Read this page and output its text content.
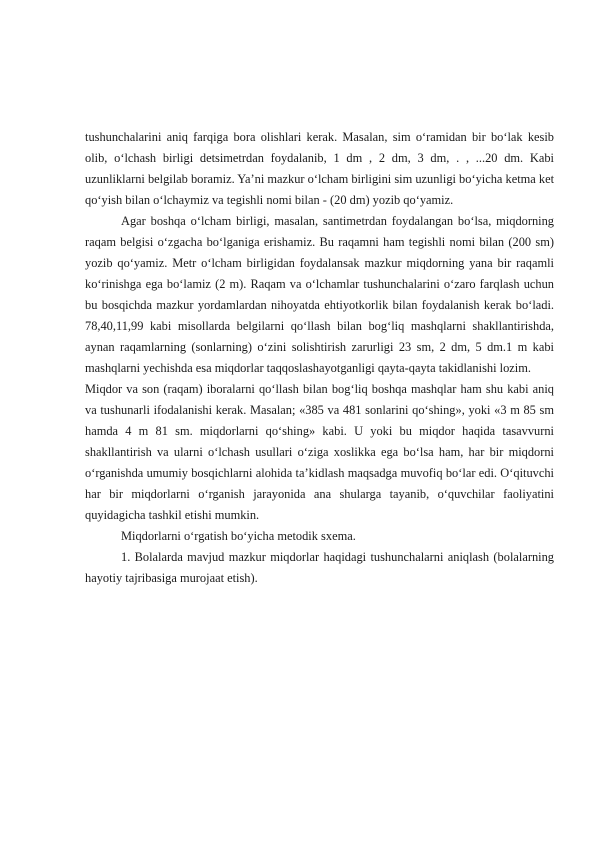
tushunchalarini aniq farqiga bora olishlari kerak. Masalan, sim o‘ramidan bir bo‘lak kesib olib, o‘lchash birligi detsimetrdan foydalanib, 1 dm , 2 dm, 3 dm, . , ...20 dm. Kabi uzunliklarni belgilab boramiz. Ya’ni mazkur o‘lcham birligini sim uzunligi bo‘yicha ketma ket qo‘yish bilan o‘lchaymiz va tegishli nomi bilan - (20 dm) yozib qo‘yamiz.

Agar boshqa o‘lcham birligi, masalan, santimetrdan foydalangan bo‘lsa, miqdorning raqam belgisi o‘zgacha bo‘lganiga erishamiz. Bu raqamni ham tegishli nomi bilan (200 sm) yozib qo‘yamiz. Metr o‘lcham birligidan foydalansak mazkur miqdorning yana bir raqamli ko‘rinishga ega bo‘lamiz (2 m). Raqam va o‘lchamlar tushunchalarini o‘zaro farqlash uchun bu bosqichda mazkur yordamlardan nihoyatda ehtiyotkorlik bilan foydalanish kerak bo‘ladi. 78,40,11,99 kabi misollarda belgilarni qo‘llash bilan bog‘liq mashqlarni shakllantirishda, aynan raqamlarning (sonlarning) o‘zini solishtirish zarurligi 23 sm, 2 dm, 5 dm.1 m kabi mashqlarni yechishda esa miqdorlar taqqoslashayotganligi qayta-qayta takidlanishi lozim.

Miqdor va son (raqam) iboralarni qo‘llash bilan bog‘liq boshqa mashqlar ham shu kabi aniq va tushunarli ifodalanishi kerak. Masalan; «385 va 481 sonlarini qo‘shing», yoki «3 m 85 sm hamda 4 m 81 sm. miqdorlarni qo‘shing» kabi. U yoki bu miqdor haqida tasavvurni shakllantirish va ularni o‘lchash usullari o‘ziga xoslikka ega bo‘lsa ham, har bir miqdorni o‘rganishda umumiy bosqichlarni alohida ta’kidlash maqsadga muvofiq bo‘lar edi. O‘qituvchi har bir miqdorlarni o‘rganish jarayonida ana shularga tayanib, o‘quvchilar faoliyatini quyidagicha tashkil etishi mumkin.

Miqdorlarni o‘rgatish bo‘yicha metodik sxema.

1. Bolalarda mavjud mazkur miqdorlar haqidagi tushunchalarni aniqlash (bolalarning hayotiy tajribasiga murojaat etish).
